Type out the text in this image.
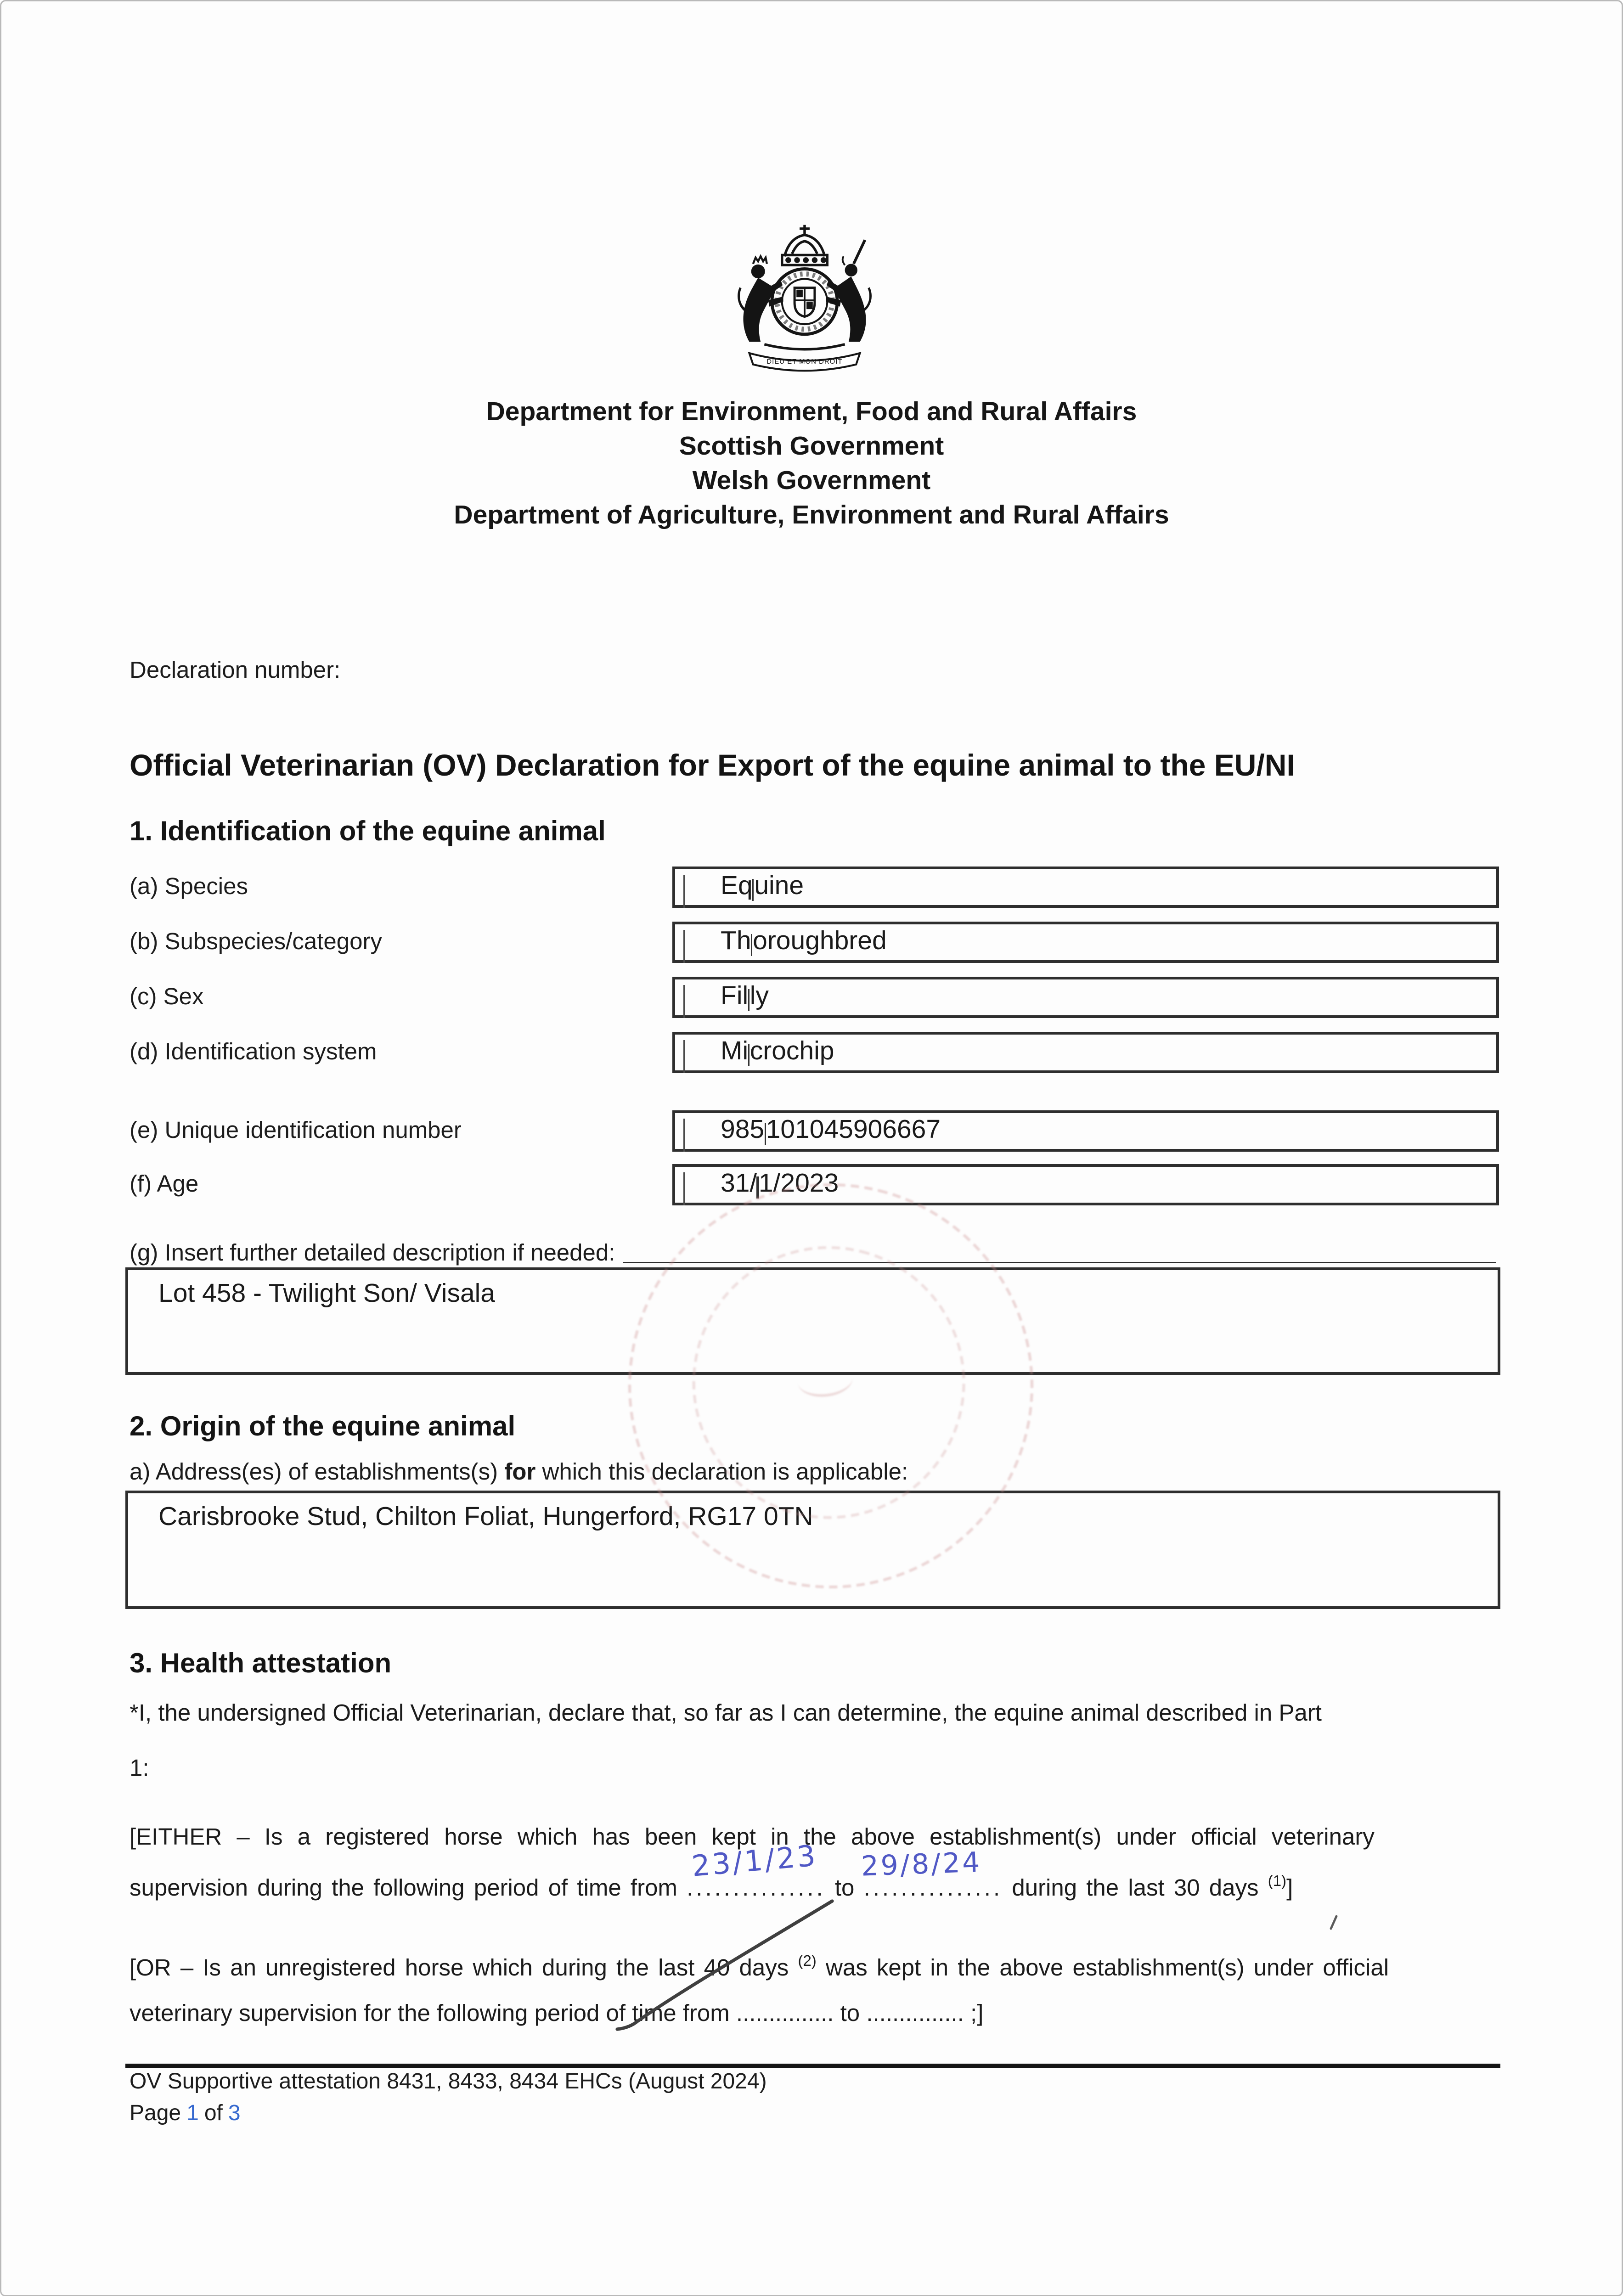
DIEU ET MON DROIT
Department for Environment, Food and Rural Affairs
Scottish Government
Welsh Government
Department of Agriculture, Environment and Rural Affairs
Declaration number:
Official Veterinarian (OV) Declaration for Export of the equine animal to the EU/NI
1. Identification of the equine animal
(a) Species	Eq uine
(b) Subspecies/category	Th oroughbred
(c) Sex	Fil ly
(d) Identification system	Mi crochip
(e) Unique identification number	985 101045906667
(f) Age	31/ 1/2023
(g) Insert further detailed description if needed:
Lot 458 - Twilight Son/ Visala
2. Origin of the equine animal
a) Address(es) of establishments(s) for which this declaration is applicable:
Carisbrooke Stud, Chilton Foliat, Hungerford, RG17 0TN
3. Health attestation
*I, the undersigned Official Veterinarian, declare that, so far as I can determine, the equine animal described in Part
1:
[EITHER – Is a registered horse which has been kept in the above establishment(s) under official veterinary
supervision during the following period of time from ...............
23/1/23
to ...............
29/8/24
during the last 30 days $^{(1)}$]
[OR – Is an unregistered horse which during the last 40 days $^{(2)}$ was kept in the above establishment(s) under official
veterinary supervision for the following period of time from ............... to ............... ;]
OV Supportive attestation 8431, 8433, 8434 EHCs (August 2024)
Page 1 of 3
